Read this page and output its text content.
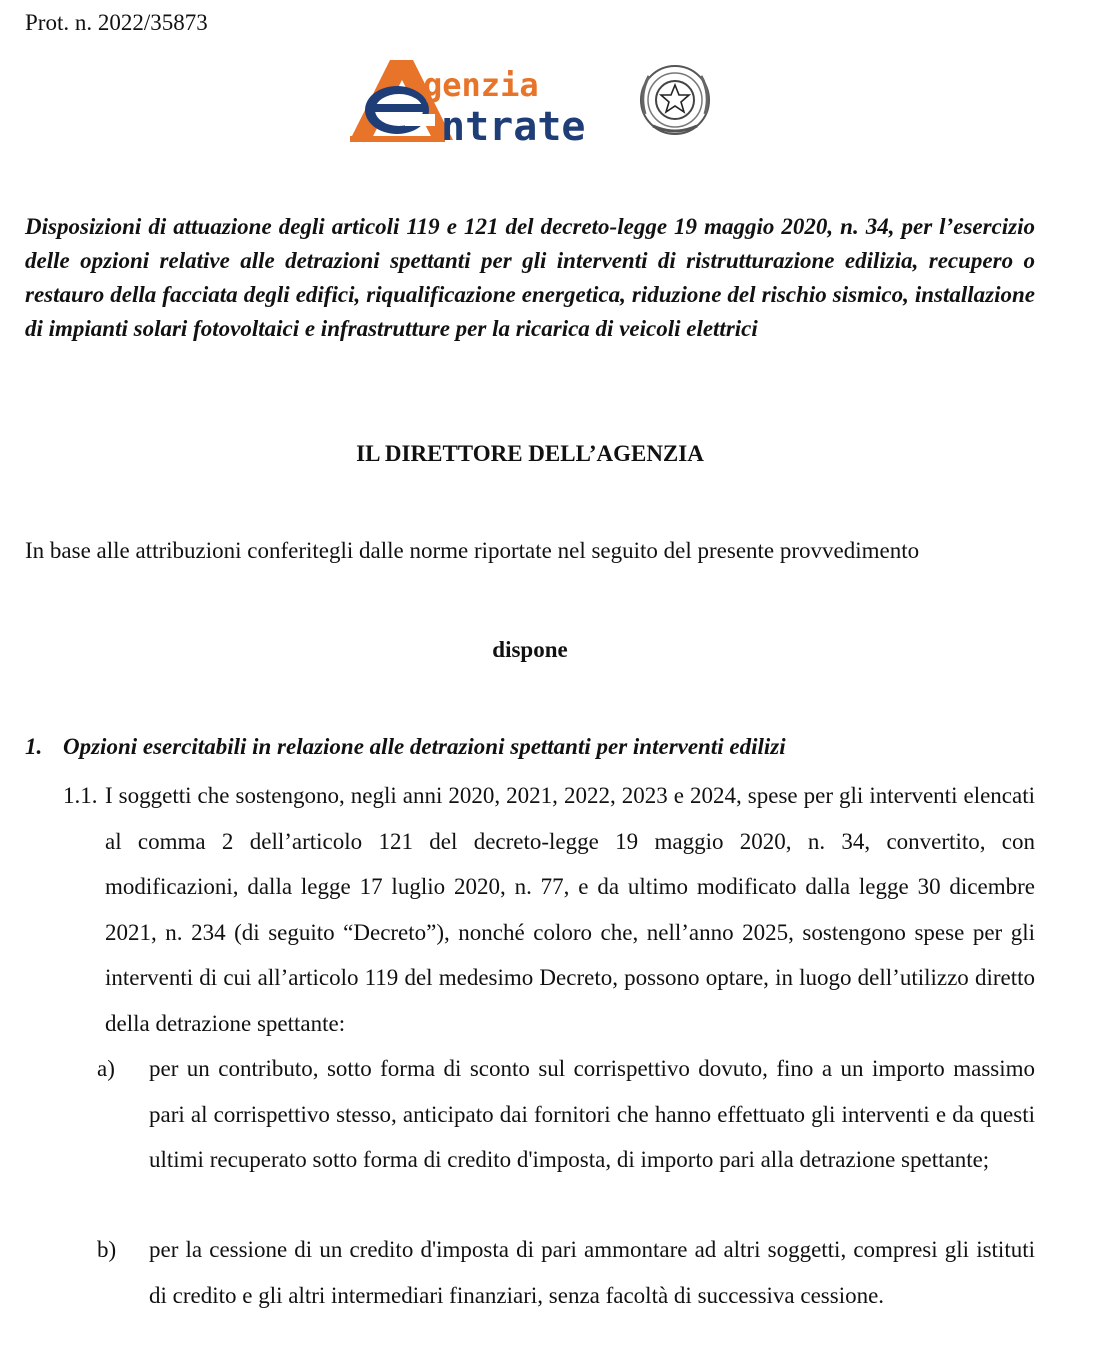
Prot. n. 2022/35873
genzia
ntrate
Disposizioni di attuazione degli articoli 119 e 121 del decreto-legge 19 maggio 2020, n. 34, per l’esercizio delle opzioni relative alle detrazioni spettanti per gli interventi di ristrutturazione edilizia, recupero o restauro della facciata degli edifici, riqualificazione energetica, riduzione del rischio sismico, installazione di impianti solari fotovoltaici e infrastrutture per la ricarica di veicoli elettrici
IL DIRETTORE DELL’AGENZIA
In base alle attribuzioni conferitegli dalle norme riportate nel seguito del presente provvedimento
dispone
1. Opzioni esercitabili in relazione alle detrazioni spettanti per interventi edilizi
1.1. I soggetti che sostengono, negli anni 2020, 2021, 2022, 2023 e 2024, spese per gli interventi elencati al comma 2 dell’articolo 121 del decreto-legge 19 maggio 2020, n. 34, convertito, con modificazioni, dalla legge 17 luglio 2020, n. 77, e da ultimo modificato dalla legge 30 dicembre 2021, n. 234 (di seguito “Decreto”), nonché coloro che, nell’anno 2025, sostengono spese per gli interventi di cui all’articolo 119 del medesimo Decreto, possono optare, in luogo dell’utilizzo diretto della detrazione spettante:
a) per un contributo, sotto forma di sconto sul corrispettivo dovuto, fino a un importo massimo pari al corrispettivo stesso, anticipato dai fornitori che hanno effettuato gli interventi e da questi ultimi recuperato sotto forma di credito d'imposta, di importo pari alla detrazione spettante;
b) per la cessione di un credito d'imposta di pari ammontare ad altri soggetti, compresi gli istituti di credito e gli altri intermediari finanziari, senza facoltà di successiva cessione.
